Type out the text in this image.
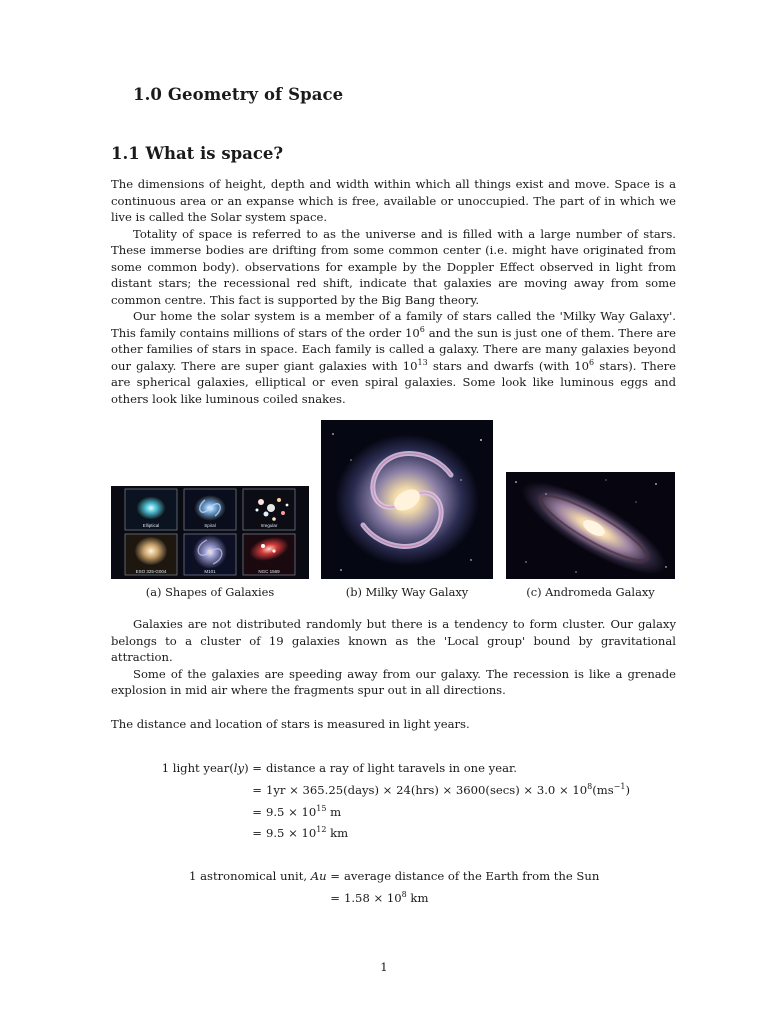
1.0 Geometry of Space
1.1 What is space?

The dimensions of height, depth and width within which all things exist and move. Space is a continuous area or an expanse which is free, available or unoccupied. The part of in which we live is called the Solar system space.

Totality of space is referred to as the universe and is filled with a large number of stars. These immerse bodies are drifting from some common center (i.e. might have originated from some common body). observations for example by the Doppler Effect observed in light from distant stars; the recessional red shift, indicate that galaxies are moving away from some common centre. This fact is supported by the Big Bang theory.

Our home the solar system is a member of a family of stars called the 'Milky Way Galaxy'. This family contains millions of stars of the order $10^6$ and the sun is just one of them. There are other families of stars in space. Each family is called a galaxy. There are many galaxies beyond our galaxy. There are super giant galaxies with $10^{13}$ stars and dwarfs (with $10^6$ stars). There are spherical galaxies, elliptical or even spiral galaxies. Some look like luminous eggs and others look like luminous coiled snakes.

Elliptical	Spiral	Irregular
ESO 325-G004	M101	NGC 1569
(a) Shapes of Galaxies	(b) Milky Way Galaxy	(c) Andromeda Galaxy

Galaxies are not distributed randomly but there is a tendency to form cluster. Our galaxy belongs to a cluster of 19 galaxies known as the 'Local group' bound by gravitational attraction.

Some of the galaxies are speeding away from our galaxy. The recession is like a grenade explosion in mid air where the fragments spur out in all directions.

The distance and location of stars is measured in light years.

1 light year(ly) = distance a ray of light taravels in one year.
= 1yr × 365.25(days) × $24(hrs) \times 3600(\sec s) \times 3.0 \times 10^8(ms^{-1})$
= $9.5 \times 10^{15}$ m
= $9.5 \times 10^{12}$ km
1 astronomical unit, Au = average distance of the Earth from the Sun
= $1.58 \times 10^8$ km
1
